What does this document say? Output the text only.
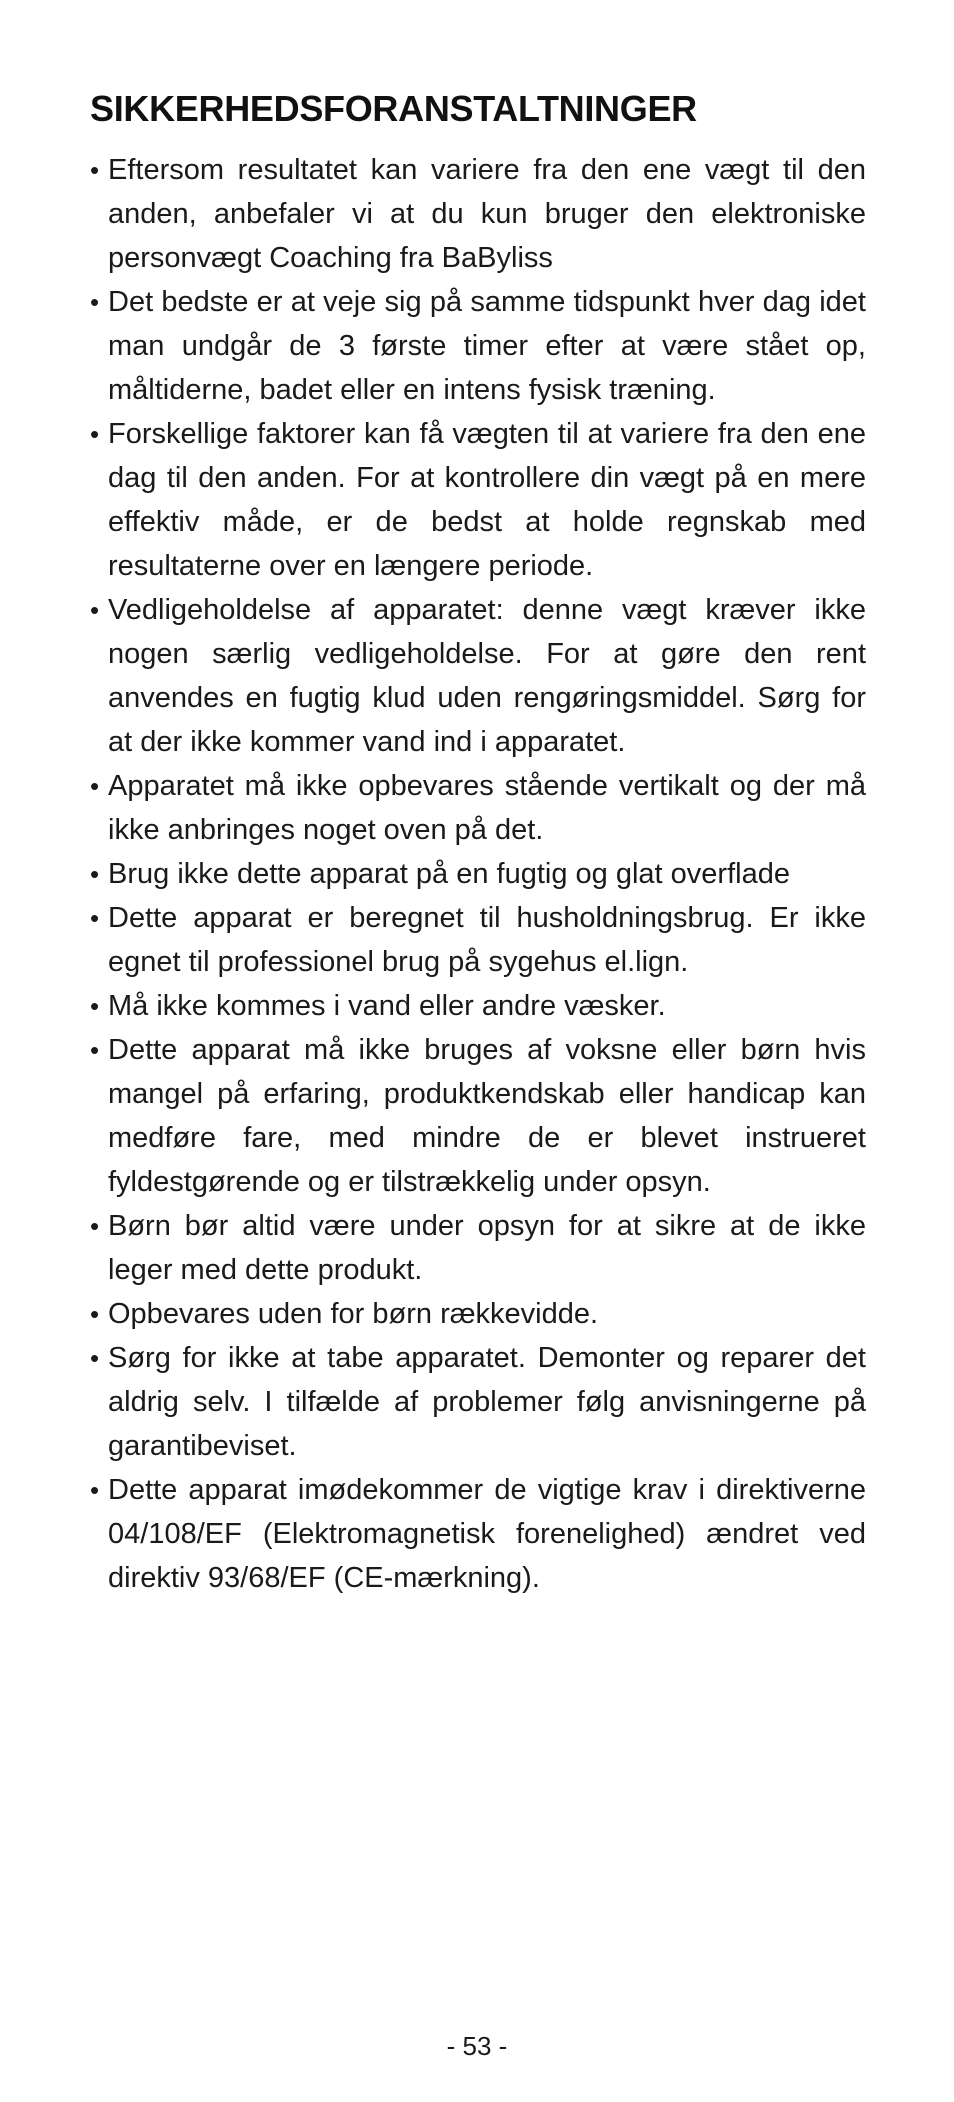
SIKKERHEDSFORANSTALTNINGER
• Eftersom resultatet kan variere fra den ene vægt til den anden, anbefaler vi at du kun bruger den elektroniske personvægt Coaching fra BaByliss
• Det bedste er at veje sig på samme tidspunkt hver dag idet man undgår de 3 første timer efter at være stået op, måltiderne, badet eller en intens fysisk træning.
• Forskellige faktorer kan få vægten til at variere fra den ene dag til den anden. For at kontrollere din vægt på en mere effektiv måde, er de bedst at holde regnskab med resultaterne over en længere periode.
• Vedligeholdelse af apparatet: denne vægt kræver ikke nogen særlig vedligeholdelse. For at gøre den rent anvendes en fugtig klud uden rengøringsmiddel. Sørg for at der ikke kommer vand ind i apparatet.
• Apparatet må ikke opbevares stående vertikalt og der må ikke anbringes noget oven på det.
• Brug ikke dette apparat på en fugtig og glat overflade
• Dette apparat er beregnet til husholdningsbrug. Er ikke egnet til professionel brug på sygehus el.lign.
• Må ikke kommes i vand eller andre væsker.
• Dette apparat må ikke bruges af voksne eller børn hvis mangel på erfaring, produktkendskab eller handicap kan medføre fare, med mindre de er blevet instrueret fyldestgørende og er tilstrækkelig under opsyn.
• Børn bør altid være under opsyn for at sikre at de ikke leger med dette produkt.
• Opbevares uden for børn rækkevidde.
• Sørg for ikke at tabe apparatet. Demonter og reparer det aldrig selv. I tilfælde af problemer følg anvisningerne på garantibeviset.
• Dette apparat imødekommer de vigtige krav i direktiverne 04/108/EF (Elektromagnetisk forenelighed) ændret ved direktiv 93/68/EF (CE-mærkning).
- 53 -
